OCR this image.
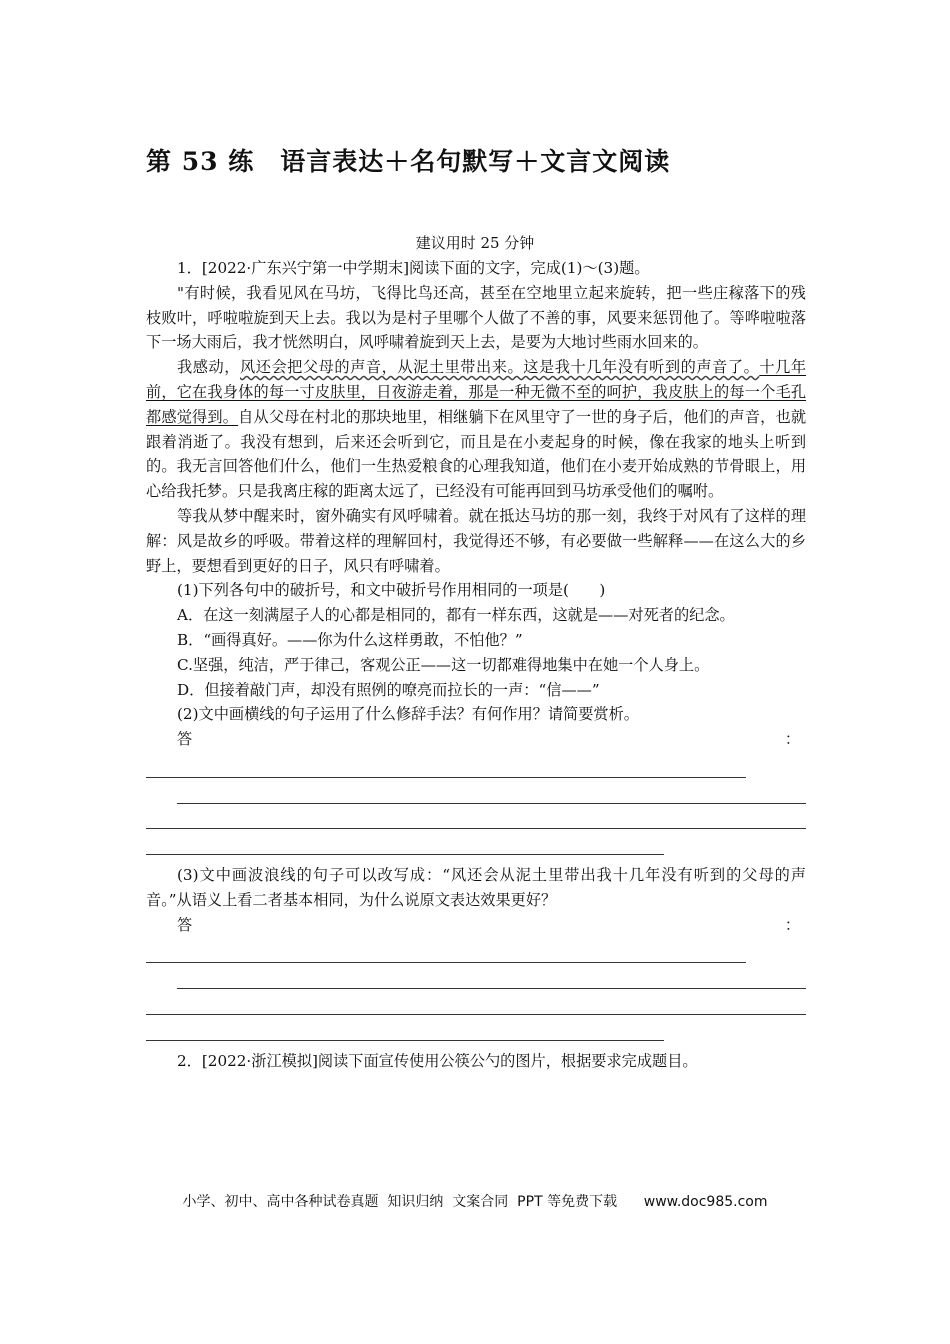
第 53 练　语言表达＋名句默写＋文言文阅读
建议用时 25 分钟

1．[2022·广东兴宁第一中学期末]阅读下面的文字，完成(1)～(3)题。

"有时候，我看见风在马坊，飞得比鸟还高，甚至在空地里立起来旋转，把一些庄稼落下的残枝败叶，呼啦啦旋到天上去。我以为是村子里哪个人做了不善的事，风要来惩罚他了。等哗啦啦落下一场大雨后，我才恍然明白，风呼啸着旋到天上去，是要为大地讨些雨水回来的。

我感动，风还会把父母的声音，从泥土里带出来。这是我十几年没有听到的声音了。十几年前，它在我身体的每一寸皮肤里，日夜游走着，那是一种无微不至的呵护，我皮肤上的每一个毛孔都感觉得到。自从父母在村北的那块地里，相继躺下在风里守了一世的身子后，他们的声音，也就跟着消逝了。我没有想到，后来还会听到它，而且是在小麦起身的时候，像在我家的地头上听到的。我无言回答他们什么，他们一生热爱粮食的心理我知道，他们在小麦开始成熟的节骨眼上，用心给我托梦。只是我离庄稼的距离太远了，已经没有可能再回到马坊承受他们的嘱咐。

等我从梦中醒来时，窗外确实有风呼啸着。就在抵达马坊的那一刻，我终于对风有了这样的理解：风是故乡的呼吸。带着这样的理解回村，我觉得还不够，有必要做一些解释——在这么大的乡野上，要想看到更好的日子，风只有呼啸着。

(1)下列各句中的破折号，和文中破折号作用相同的一项是(　　)

A．在这一刻满屋子人的心都是相同的，都有一样东西，这就是——对死者的纪念。

B．“画得真好。——你为什么这样勇敢，不怕他？”

C.坚强，纯洁，严于律己，客观公正——这一切都难得地集中在她一个人身上。

D．但接着敲门声，却没有照例的嘹亮而拉长的一声：“信——”

(2)文中画横线的句子运用了什么修辞手法？有何作用？请简要赏析。

答	：

(3)文中画波浪线的句子可以改写成：“风还会从泥土里带出我十几年没有听到的父母的声音。”从语义上看二者基本相同，为什么说原文表达效果更好？

答	：

2．[2022·浙江模拟]阅读下面宣传使用公筷公勺的图片，根据要求完成题目。

小学、初中、高中各种试卷真题  知识归纳  文案合同  PPT 等免费下载      www.doc985.com
